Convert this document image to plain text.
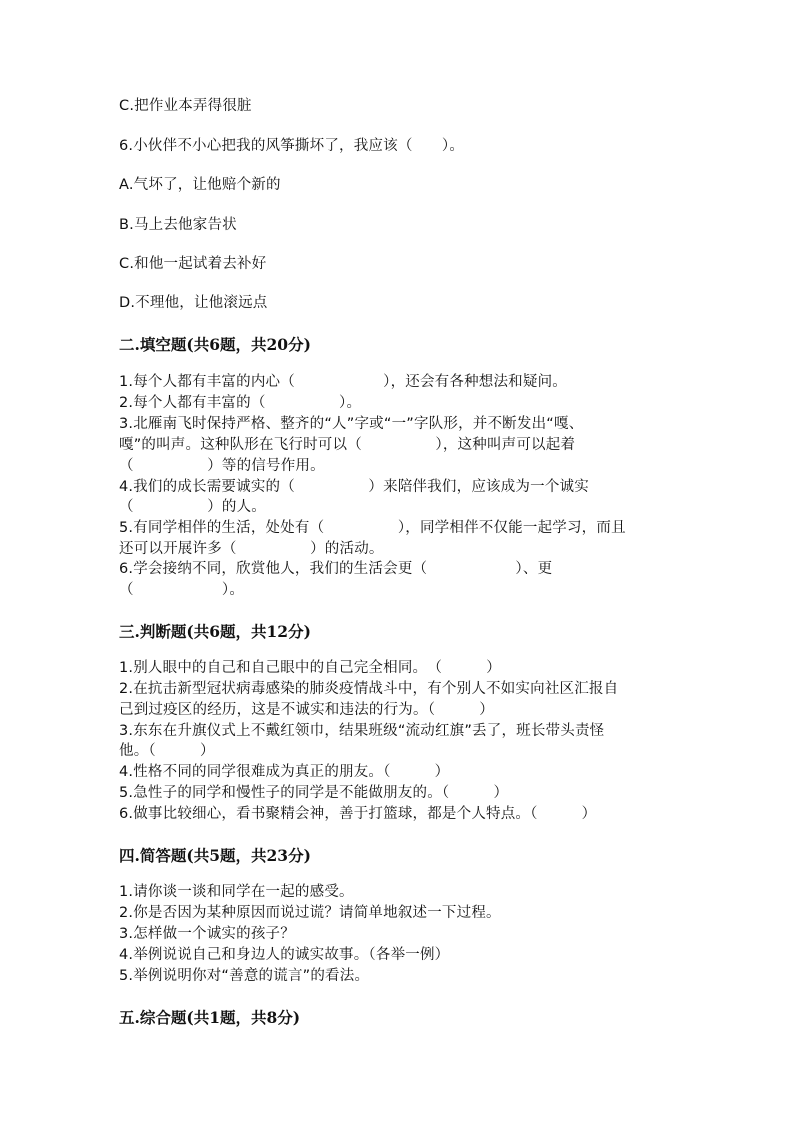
C.把作业本弄得很脏
6.小伙伴不小心把我的风筝撕坏了，我应该（　　）。
A.气坏了，让他赔个新的
B.马上去他家告状
C.和他一起试着去补好
D.不理他，让他滚远点
二.填空题(共6题，共20分)
1.每个人都有丰富的内心（　　　　　　），还会有各种想法和疑问。
2.每个人都有丰富的（　　　　　）。
3.北雁南飞时保持严格、整齐的“人”字或“一”字队形，并不断发出“嘎、
嘎”的叫声。这种队形在飞行时可以（　　　　　），这种叫声可以起着
（　　　　　）等的信号作用。
4.我们的成长需要诚实的（　　　　　）来陪伴我们，应该成为一个诚实
（　　　　　）的人。
5.有同学相伴的生活，处处有（　　　　　），同学相伴不仅能一起学习，而且
还可以开展许多（　　　　　）的活动。
6.学会接纳不同，欣赏他人，我们的生活会更（　　　　　　）、更
（　　　　　　）。
三.判断题(共6题，共12分)
1.别人眼中的自己和自己眼中的自己完全相同。　（　　　）
2.在抗击新型冠状病毒感染的肺炎疫情战斗中，有个别人不如实向社区汇报自
己到过疫区的经历，这是不诚实和违法的行为。（　　　）
3.东东在升旗仪式上不戴红领巾，结果班级“流动红旗”丢了，班长带头责怪
他。（　　　）
4.性格不同的同学很难成为真正的朋友。（　　　）
5.急性子的同学和慢性子的同学是不能做朋友的。（　　　）
6.做事比较细心，看书聚精会神，善于打篮球，都是个人特点。（　　　）
四.简答题(共5题，共23分)
1.请你谈一谈和同学在一起的感受。
2.你是否因为某种原因而说过谎？请简单地叙述一下过程。
3.怎样做一个诚实的孩子？
4.举例说说自己和身边人的诚实故事。（各举一例）
5.举例说明你对“善意的谎言”的看法。
五.综合题(共1题，共8分)
